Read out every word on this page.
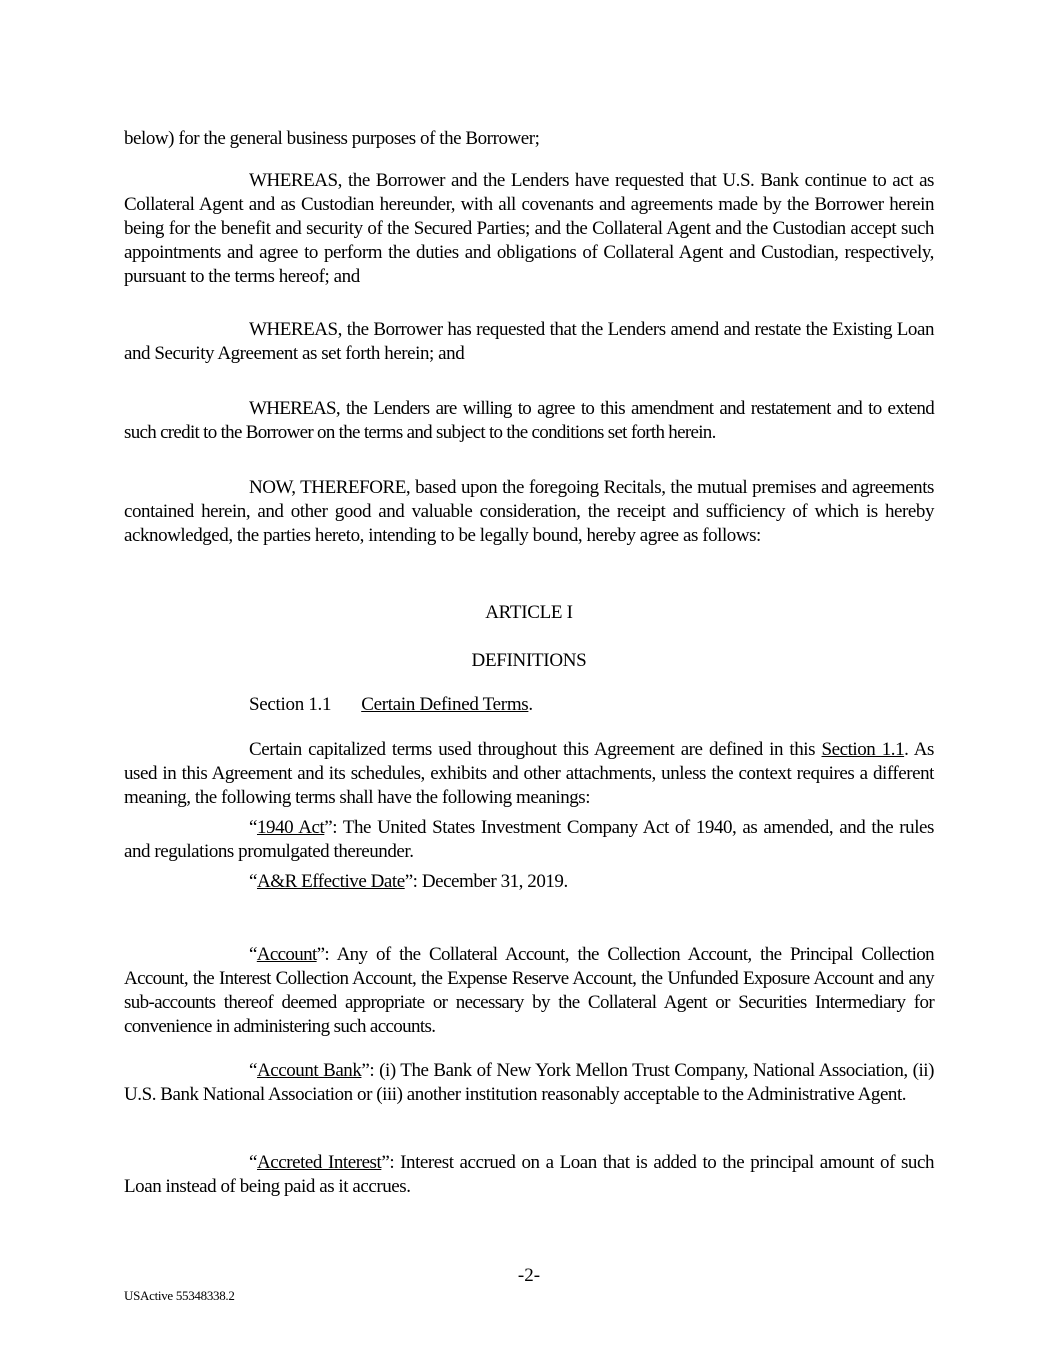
below) for the general business purposes of the Borrower;

WHEREAS, the Borrower and the Lenders have requested that U.S. Bank continue to act as Collateral Agent and as Custodian hereunder, with all covenants and agreements made by the Borrower herein being for the benefit and security of the Secured Parties; and the Collateral Agent and the Custodian accept such appointments and agree to perform the duties and obligations of Collateral Agent and Custodian, respectively, pursuant to the terms hereof; and

WHEREAS, the Borrower has requested that the Lenders amend and restate the Existing Loan and Security Agreement as set forth herein; and

WHEREAS, the Lenders are willing to agree to this amendment and restatement and to extend such credit to the Borrower on the terms and subject to the conditions set forth herein.

NOW, THEREFORE, based upon the foregoing Recitals, the mutual premises and agreements contained herein, and other good and valuable consideration, the receipt and sufficiency of which is hereby acknowledged, the parties hereto, intending to be legally bound, hereby agree as follows:

ARTICLE I
DEFINITIONS
Section 1.1 Certain Defined Terms.

Certain capitalized terms used throughout this Agreement are defined in this Section 1.1. As used in this Agreement and its schedules, exhibits and other attachments, unless the context requires a different meaning, the following terms shall have the following meanings:

“1940 Act”: The United States Investment Company Act of 1940, as amended, and the rules and regulations promulgated thereunder.

“A&R Effective Date”: December 31, 2019.

“Account”: Any of the Collateral Account, the Collection Account, the Principal Collection Account, the Interest Collection Account, the Expense Reserve Account, the Unfunded Exposure Account and any sub-accounts thereof deemed appropriate or necessary by the Collateral Agent or Securities Intermediary for convenience in administering such accounts.

“Account Bank”: (i) The Bank of New York Mellon Trust Company, National Association, (ii) U.S. Bank National Association or (iii) another institution reasonably acceptable to the Administrative Agent.

“Accreted Interest”: Interest accrued on a Loan that is added to the principal amount of such Loan instead of being paid as it accrues.

-2-
USActive 55348338.2
